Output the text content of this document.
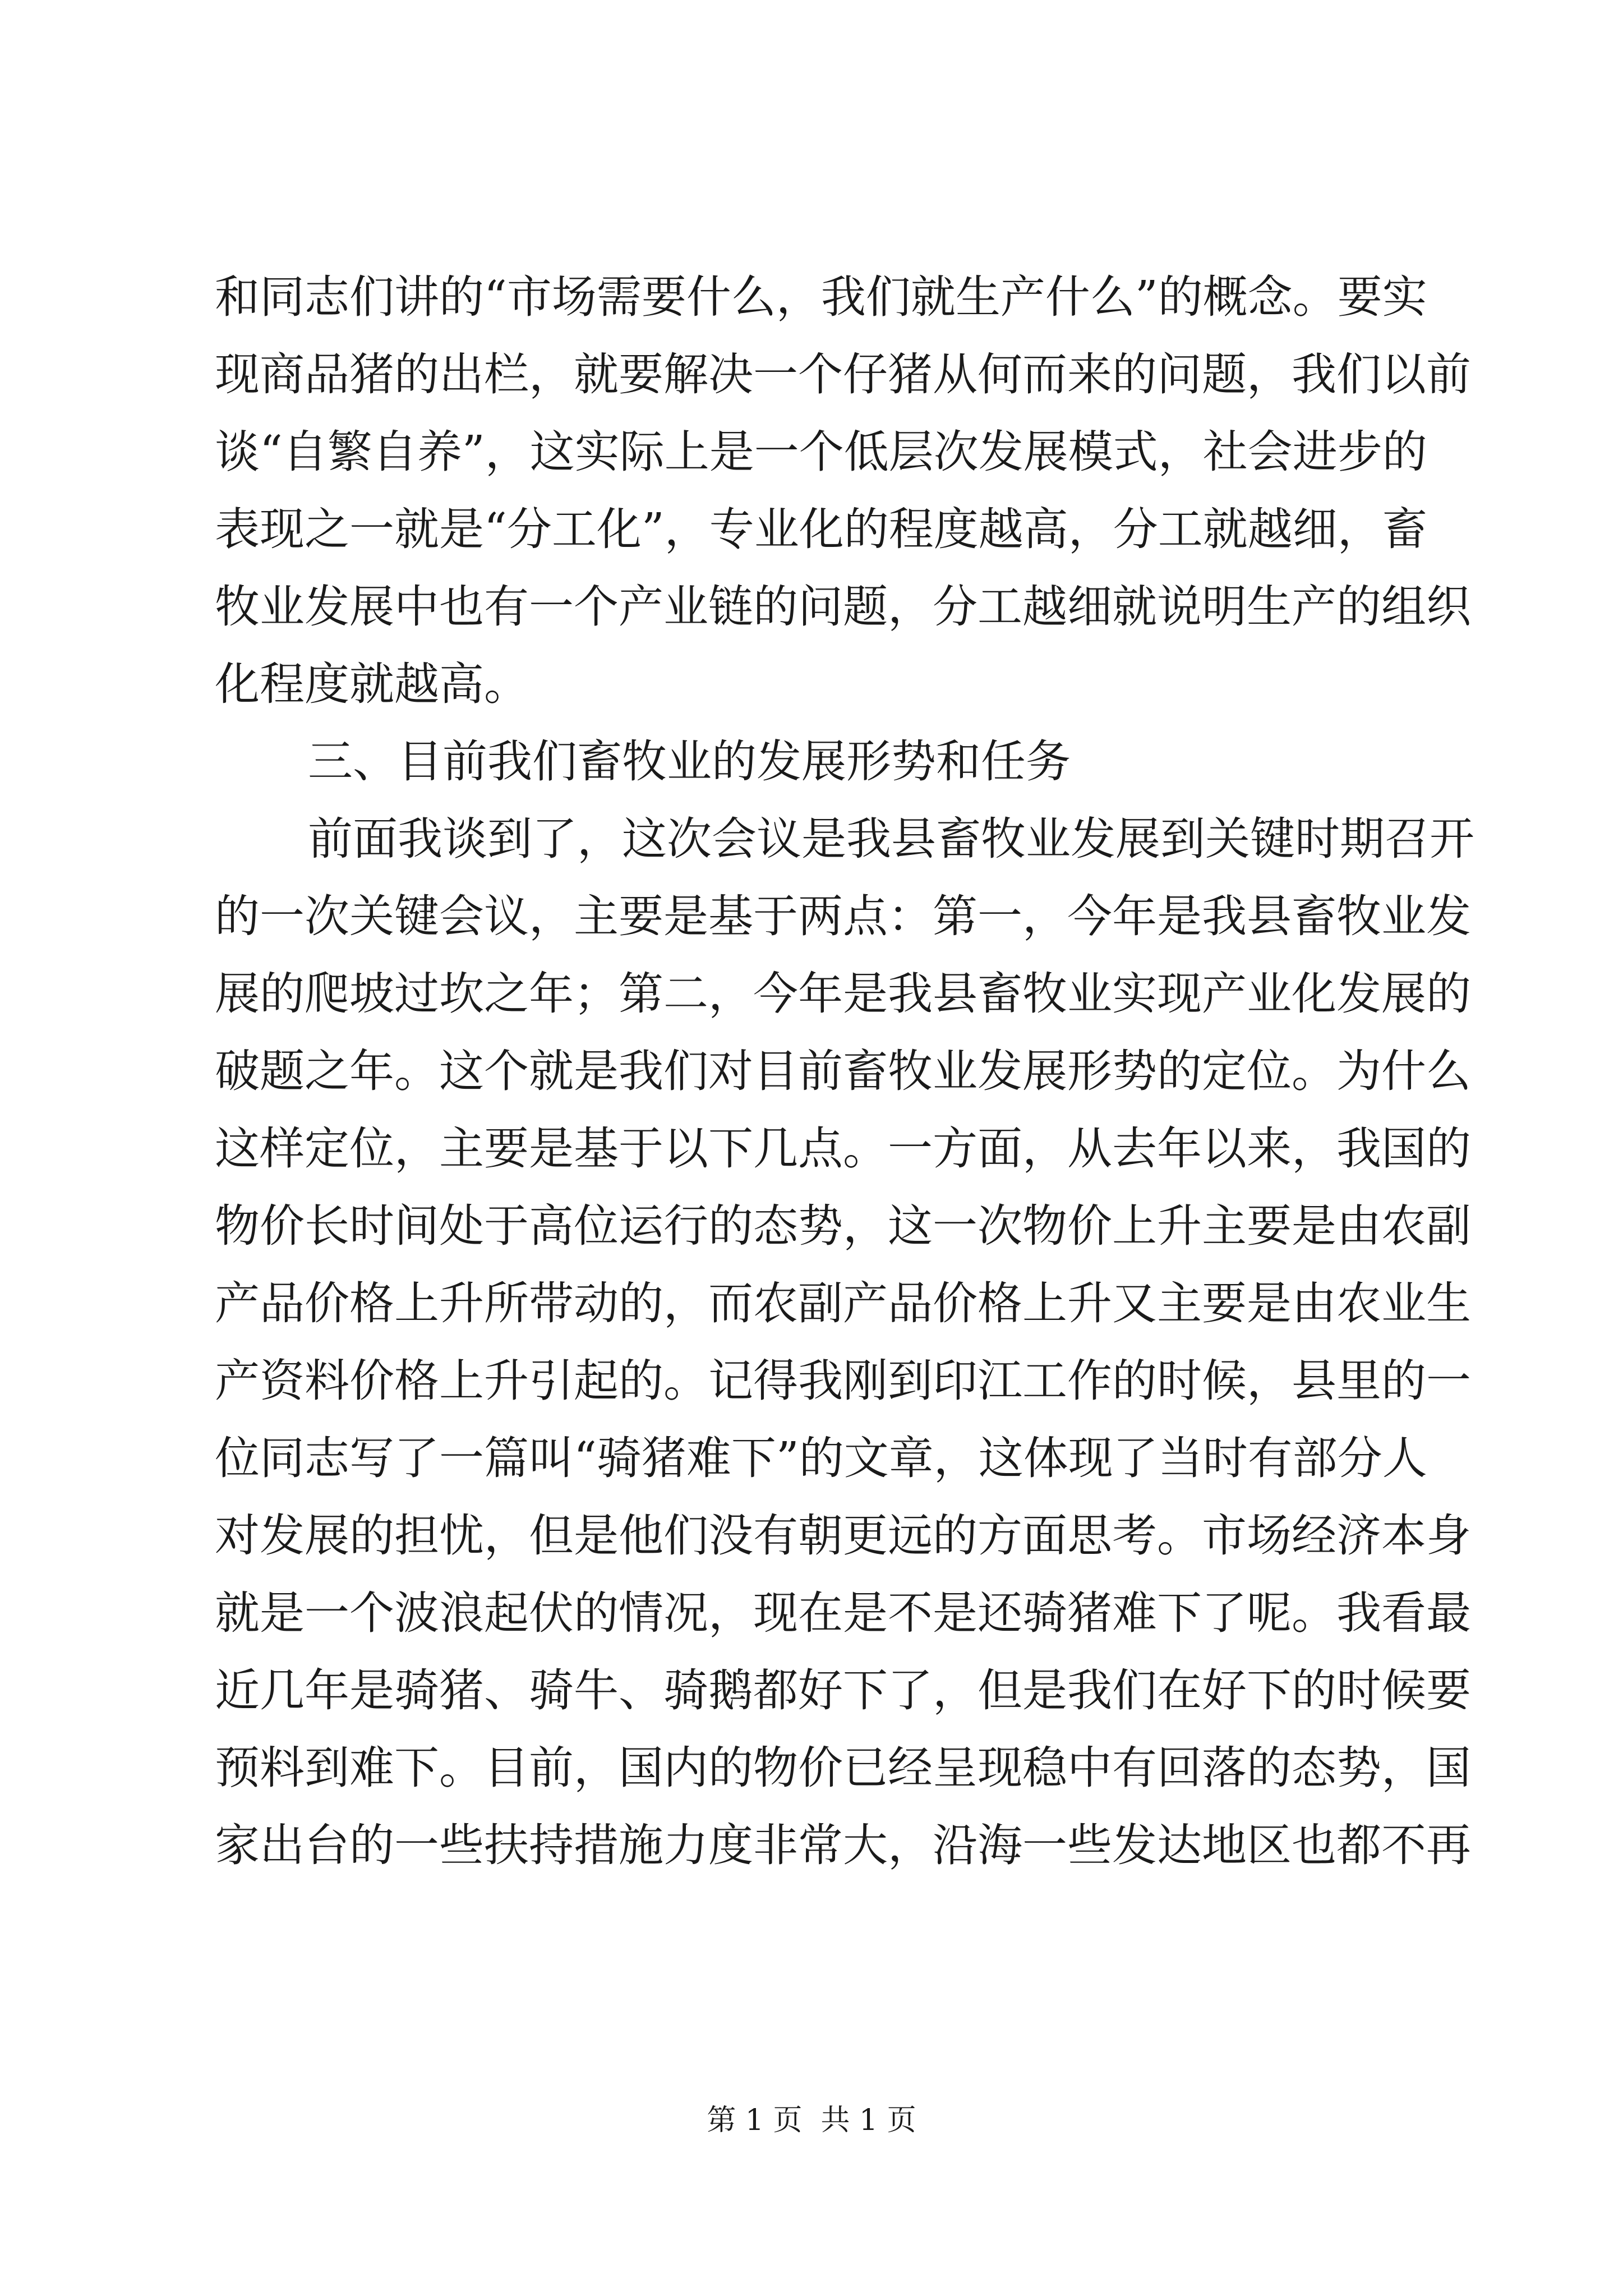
和同志们讲的“市场需要什么，我们就生产什么”的概念。要实
现商品猪的出栏，就要解决一个仔猪从何而来的问题，我们以前
谈“自繁自养”，这实际上是一个低层次发展模式，社会进步的
表现之一就是“分工化”，专业化的程度越高，分工就越细，畜
牧业发展中也有一个产业链的问题，分工越细就说明生产的组织
化程度就越高。
三、目前我们畜牧业的发展形势和任务
前面我谈到了，这次会议是我县畜牧业发展到关键时期召开
的一次关键会议，主要是基于两点：第一，今年是我县畜牧业发
展的爬坡过坎之年；第二，今年是我县畜牧业实现产业化发展的
破题之年。这个就是我们对目前畜牧业发展形势的定位。为什么
这样定位，主要是基于以下几点。一方面，从去年以来，我国的
物价长时间处于高位运行的态势，这一次物价上升主要是由农副
产品价格上升所带动的，而农副产品价格上升又主要是由农业生
产资料价格上升引起的。记得我刚到印江工作的时候，县里的一
位同志写了一篇叫“骑猪难下”的文章，这体现了当时有部分人
对发展的担忧，但是他们没有朝更远的方面思考。市场经济本身
就是一个波浪起伏的情况，现在是不是还骑猪难下了呢。我看最
近几年是骑猪、骑牛、骑鹅都好下了，但是我们在好下的时候要
预料到难下。目前，国内的物价已经呈现稳中有回落的态势，国
家出台的一些扶持措施力度非常大，沿海一些发达地区也都不再
第 1 页  共 1 页
